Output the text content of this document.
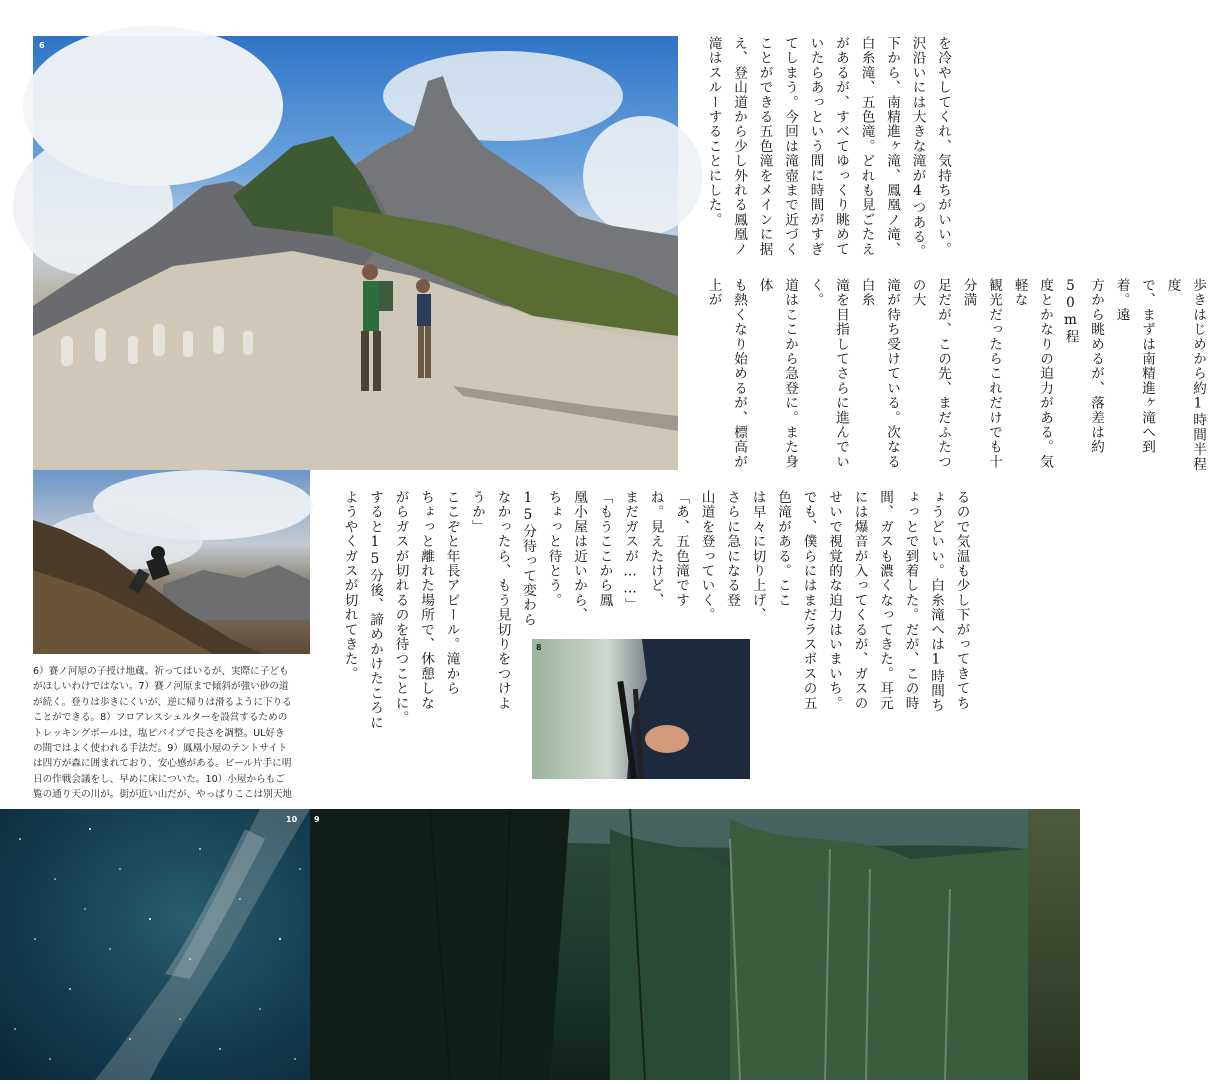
6
8
10 9

を冷やしてくれ、気持ちがいい。
沢沿いには大きな滝が4つある。
下から、南精進ヶ滝、鳳凰ノ滝、
白糸滝、五色滝。どれも見ごたえ
があるが、すべてゆっくり眺めて
いたらあっという間に時間がすぎ
てしまう。今回は滝壺まで近づく
ことができる五色滝をメインに据
え、登山道から少し外れる鳳凰ノ
滝はスルーすることにした。

歩きはじめから約1時間半程度
で、まずは南精進ヶ滝へ到着。遠
方から眺めるが、落差は約50m程
度とかなりの迫力がある。気軽な
観光だったらこれだけでも十分満
足だが、この先、まだふたつの大
滝が待ち受けている。次なる白糸
滝を目指してさらに進んでいく。
道はここから急登に。また身体
も熱くなり始めるが、標高が上が

るので気温も少し下がってきてち
ょうどいい。白糸滝へは1時間ち
ょっとで到着した。だが、この時
間、ガスも濃くなってきた。耳元
には爆音が入ってくるが、ガスの
せいで視覚的な迫力はいまいち。
でも、僕らにはまだラスボスの五
色滝がある。ここ
は早々に切り上げ、
さらに急になる登
山道を登っていく。
「あ、五色滝です
ね。見えたけど、
まだガスが……」
「もうここから鳳
凰小屋は近いから、
ちょっと待とう。
15分待って変わら
なかったら、もう見切りをつけよ
うか」
ここぞと年長アピール。滝から
ちょっと離れた場所で、休憩しな
がらガスが切れるのを待つことに。
すると15分後、諦めかけたころに
ようやくガスが切れてきた。

6）賽ノ河原の子授け地蔵。祈ってはいるが、実際に子ども
がほしいわけではない。7）賽ノ河原まで傾斜が強い砂の道
が続く。登りは歩きにくいが、逆に帰りは滑るように下りる
ことができる。8）フロアレスシェルターを設営するための
トレッキングポールは、塩ビパイプで長さを調整。UL好き
の間ではよく使われる手法だ。9）鳳凰小屋のテントサイト
は四方が森に囲まれており、安心感がある。ビール片手に明
日の作戦会議をし、早めに床についた。10）小屋からもご
覧の通り天の川が。街が近い山だが、やっぱりここは別天地
